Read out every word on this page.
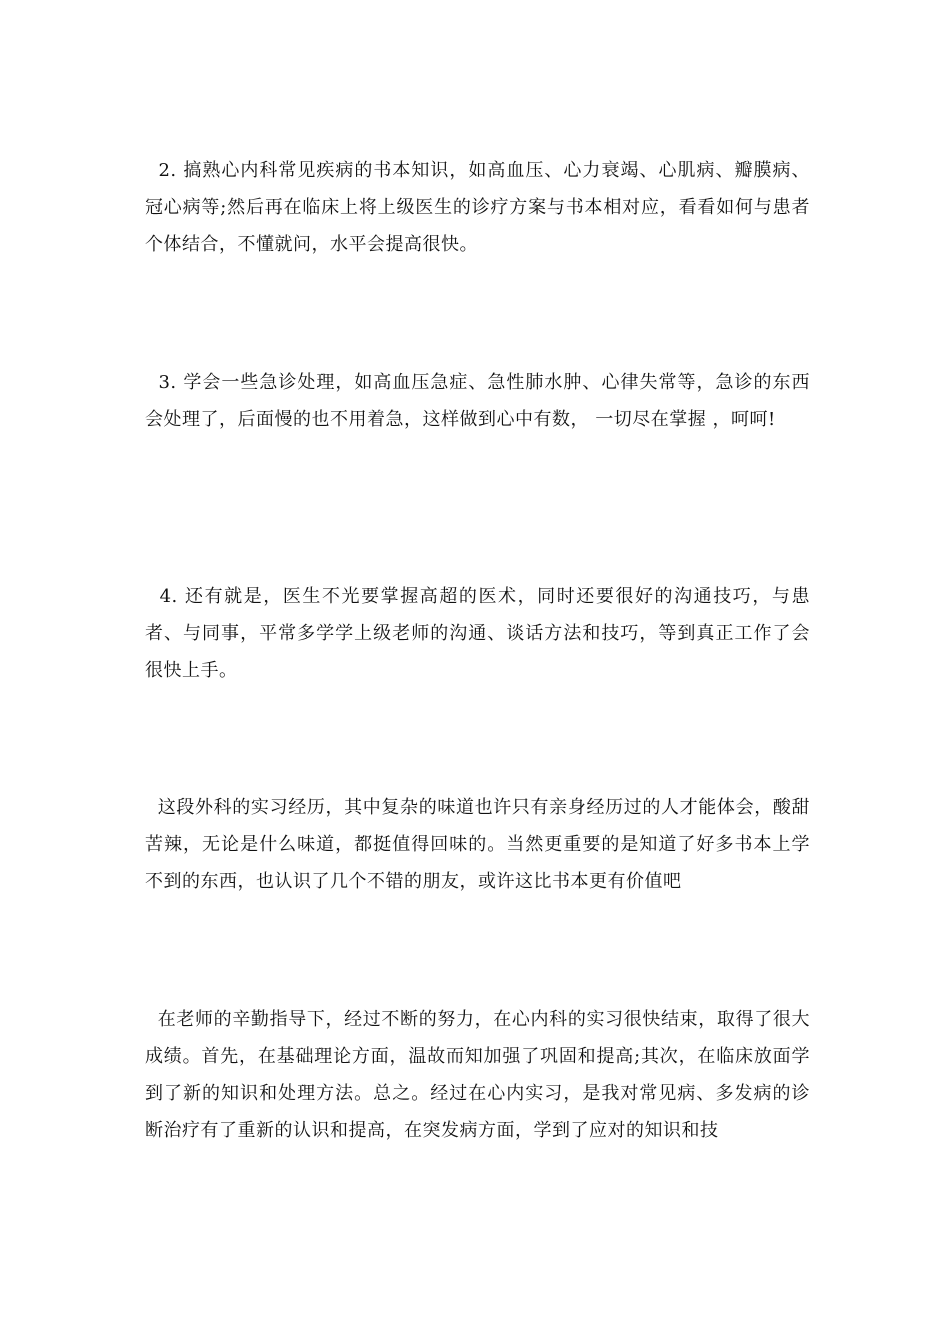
2. 搞熟心内科常见疾病的书本知识，如高血压、心力衰竭、心肌病、瓣膜病、冠心病等;然后再在临床上将上级医生的诊疗方案与书本相对应，看看如何与患者个体结合，不懂就问，水平会提高很快。

3. 学会一些急诊处理，如高血压急症、急性肺水肿、心律失常等，急诊的东西会处理了，后面慢的也不用着急，这样做到心中有数， 一切尽在掌握 ，呵呵!

4. 还有就是，医生不光要掌握高超的医术，同时还要很好的沟通技巧，与患者、与同事，平常多学学上级老师的沟通、谈话方法和技巧，等到真正工作了会很快上手。

这段外科的实习经历，其中复杂的味道也许只有亲身经历过的人才能体会，酸甜苦辣，无论是什么味道，都挺值得回味的。当然更重要的是知道了好多书本上学不到的东西，也认识了几个不错的朋友，或许这比书本更有价值吧

在老师的辛勤指导下，经过不断的努力，在心内科的实习很快结束，取得了很大成绩。首先，在基础理论方面，温故而知加强了巩固和提高;其次，在临床放面学到了新的知识和处理方法。总之。经过在心内实习，是我对常见病、多发病的诊断治疗有了重新的认识和提高，在突发病方面，学到了应对的知识和技
